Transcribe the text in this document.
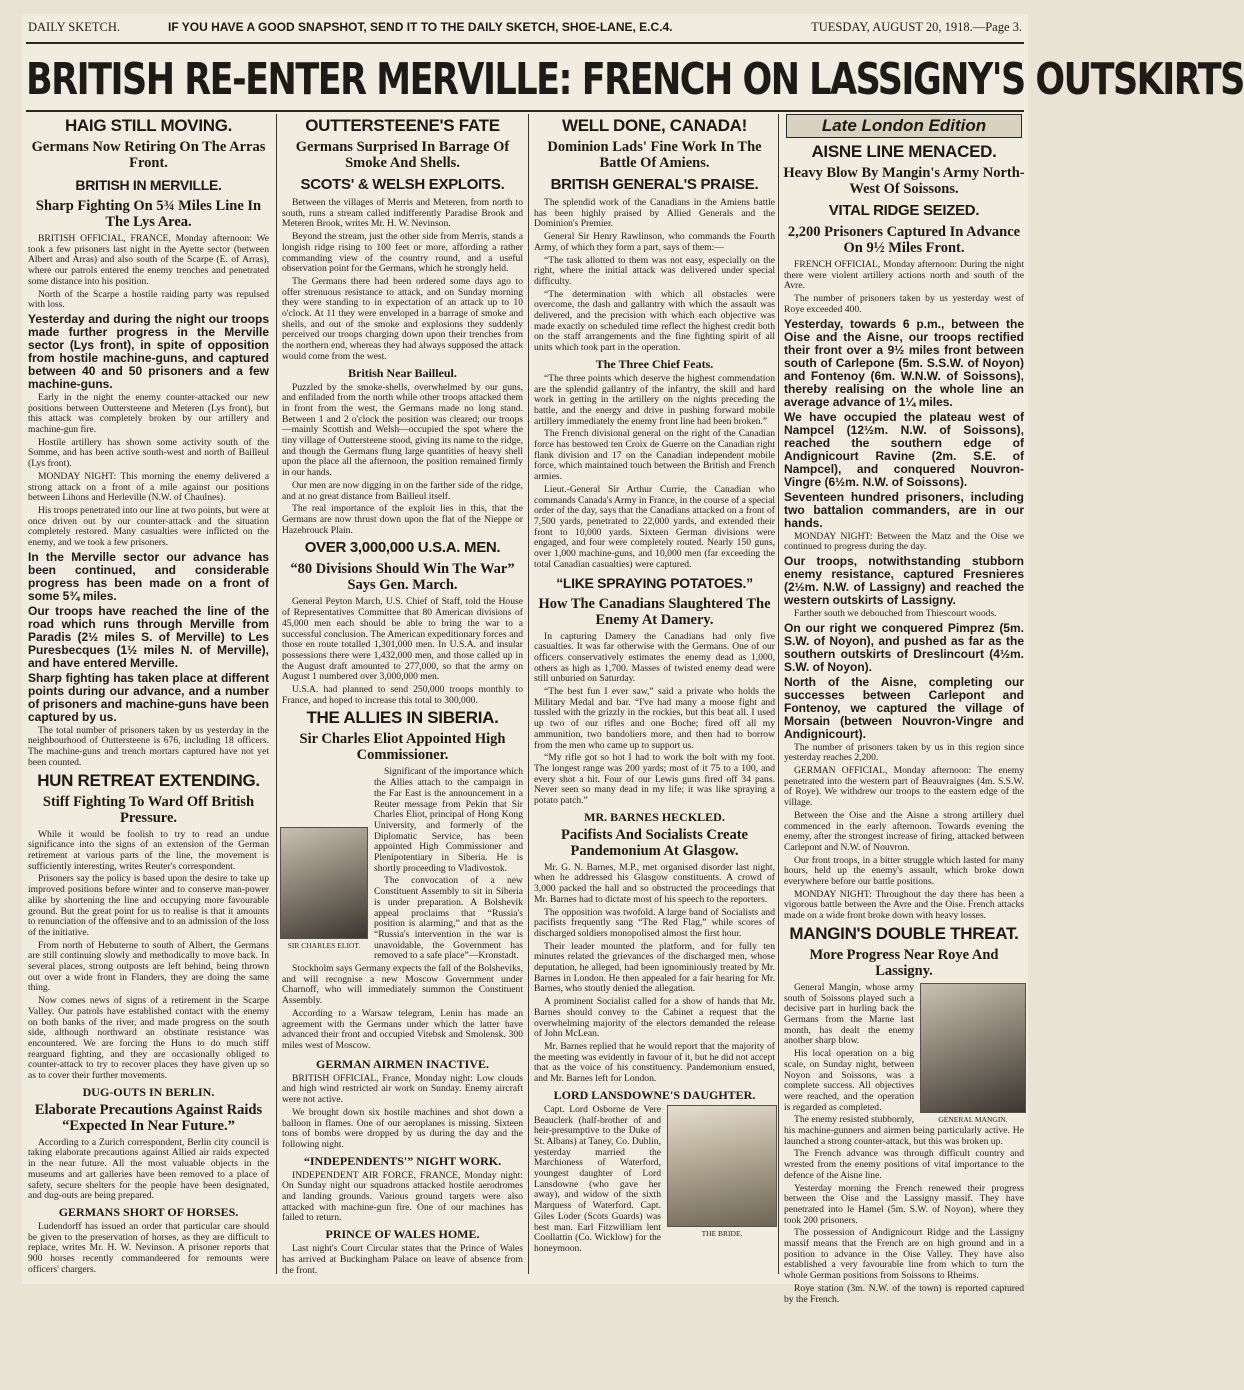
DAILY SKETCH.	IF YOU HAVE A GOOD SNAPSHOT, SEND IT TO THE DAILY SKETCH, SHOE-LANE, E.C.4.	TUESDAY, AUGUST 20, 1918.—Page 3.
BRITISH RE-ENTER MERVILLE: FRENCH ON LASSIGNY'S OUTSKIRTS
HAIG STILL MOVING.
Germans Now Retiring On The Arras Front.
BRITISH IN MERVILLE.
Sharp Fighting On 5¾ Miles Line In The Lys Area.

BRITISH OFFICIAL, FRANCE, Monday afternoon: We took a few prisoners last night in the Ayette sector (between Albert and Arras) and also south of the Scarpe (E. of Arras), where our patrols entered the enemy trenches and penetrated some distance into his position.

North of the Scarpe a hostile raiding party was repulsed with loss.

Yesterday and during the night our troops made further progress in the Merville sector (Lys front), in spite of opposition from hostile machine-guns, and captured between 40 and 50 prisoners and a few machine-guns.

Early in the night the enemy counter-attacked our new positions between Outtersteene and Meteren (Lys front), but this attack was completely broken by our artillery and machine-gun fire.

Hostile artillery has shown some activity south of the Somme, and has been active south-west and north of Bailleul (Lys front).

MONDAY NIGHT: This morning the enemy delivered a strong attack on a front of a mile against our positions between Lihons and Herleville (N.W. of Chaulnes).

His troops penetrated into our line at two points, but were at once driven out by our counter-attack and the situation completely restored. Many casualties were inflicted on the enemy, and we took a few prisoners.

In the Merville sector our advance has been continued, and considerable progress has been made on a front of some 5¾ miles.

Our troops have reached the line of the road which runs through Merville from Paradis (2½ miles S. of Merville) to Les Puresbecques (1½ miles N. of Merville), and have entered Merville.

Sharp fighting has taken place at different points during our advance, and a number of prisoners and machine-guns have been captured by us.

The total number of prisoners taken by us yesterday in the neighbourhood of Outtersteene is 676, including 18 officers. The machine-guns and trench mortars captured have not yet been counted.

HUN RETREAT EXTENDING.
Stiff Fighting To Ward Off British Pressure.

While it would be foolish to try to read an undue significance into the signs of an extension of the German retirement at various parts of the line, the movement is sufficiently interesting, writes Reuter's correspondent.

Prisoners say the policy is based upon the desire to take up improved positions before winter and to conserve man-power alike by shortening the line and occupying more favourable ground. But the great point for us to realise is that it amounts to renunciation of the offensive and to an admission of the loss of the initiative.

From north of Hebuterne to south of Albert, the Germans are still continuing slowly and methodically to move back. In several places, strong outposts are left behind, being thrown out over a wide front in Flanders, they are doing the same thing.

Now comes news of signs of a retirement in the Scarpe Valley. Our patrols have established contact with the enemy on both banks of the river, and made progress on the south side, although northward an obstinate resistance was encountered. We are forcing the Huns to do much stiff rearguard fighting, and they are occasionally obliged to counter-attack to try to recover places they have given up so as to cover their further movements.

DUG-OUTS IN BERLIN.
Elaborate Precautions Against Raids “Expected In Near Future.”

According to a Zurich correspondent, Berlin city council is taking elaborate precautions against Allied air raids expected in the near future. All the most valuable objects in the museums and art galleries have been removed to a place of safety, secure shelters for the people have been designated, and dug-outs are being prepared.

GERMANS SHORT OF HORSES.

Ludendorff has issued an order that particular care should be given to the preservation of horses, as they are difficult to replace, writes Mr. H. W. Nevinson. A prisoner reports that 900 horses recently commandeered for remounts were officers' chargers.

OUTTERSTEENE'S FATE
Germans Surprised In Barrage Of Smoke And Shells.
SCOTS' & WELSH EXPLOITS.

Between the villages of Merris and Meteren, from north to south, runs a stream called indifferently Paradise Brook and Meteren Brook, writes Mr. H. W. Nevinson.

Beyond the stream, just the other side from Merris, stands a longish ridge rising to 100 feet or more, affording a rather commanding view of the country round, and a useful observation point for the Germans, which he strongly held.

The Germans there had been ordered some days ago to offer strenuous resistance to attack, and on Sunday morning they were standing to in expectation of an attack up to 10 o'clock. At 11 they were enveloped in a barrage of smoke and shells, and out of the smoke and explosions they suddenly perceived our troops charging down upon their trenches from the northern end, whereas they had always supposed the attack would come from the west.

British Near Bailleul.

Puzzled by the smoke-shells, overwhelmed by our guns, and enfiladed from the north while other troops attacked them in front from the west, the Germans made no long stand. Between 1 and 2 o'clock the position was cleared; our troops—mainly Scottish and Welsh—occupied the spot where the tiny village of Outtersteene stood, giving its name to the ridge, and though the Germans flung large quantities of heavy shell upon the place all the afternoon, the position remained firmly in our hands.

Our men are now digging in on the farther side of the ridge, and at no great distance from Bailleul itself.

The real importance of the exploit lies in this, that the Germans are now thrust down upon the flat of the Nieppe or Hazebrouck Plain.

OVER 3,000,000 U.S.A. MEN.
“80 Divisions Should Win The War” Says Gen. March.

General Peyton March, U.S. Chief of Staff, told the House of Representatives Committee that 80 American divisions of 45,000 men each should be able to bring the war to a successful conclusion. The American expeditionary forces and those en route totalled 1,301,000 men. In U.S.A. and insular possessions there were 1,432,000 men, and those called up in the August draft amounted to 277,000, so that the army on August 1 numbered over 3,000,000 men.

U.S.A. had planned to send 250,000 troops monthly to France, and hoped to increase this total to 300,000.

THE ALLIES IN SIBERIA.
Sir Charles Eliot Appointed High Commissioner.
SIR CHARLES ELIOT.

Significant of the importance which the Allies attach to the campaign in the Far East is the announcement in a Reuter message from Pekin that Sir Charles Eliot, principal of Hong Kong University, and formerly of the Diplomatic Service, has been appointed High Commissioner and Plenipotentiary in Siberia. He is shortly proceeding to Vladivostok.

The convocation of a new Constituent Assembly to sit in Siberia is under preparation. A Bolshevik appeal proclaims that “Russia's position is alarming,” and that as the “Russia's intervention in the war is unavoidable, the Government has removed to a safe place”—Kronstadt.

Stockholm says Germany expects the fall of the Bolsheviks, and will recognise a new Moscow Government under Charnoff, who will immediately summon the Constituent Assembly.

According to a Warsaw telegram, Lenin has made an agreement with the Germans under which the latter have advanced their front and occupied Vitebsk and Smolensk. 300 miles west of Moscow.

GERMAN AIRMEN INACTIVE.

BRITISH OFFICIAL, France, Monday night: Low clouds and high wind restricted air work on Sunday. Enemy aircraft were not active.

We brought down six hostile machines and shot down a balloon in flames. One of our aeroplanes is missing. Sixteen tons of bombs were dropped by us during the day and the following night.

“INDEPENDENTS'” NIGHT WORK.

INDEPENDENT AIR FORCE, FRANCE, Monday night: On Sunday night our squadrons attacked hostile aerodromes and landing grounds. Various ground targets were also attacked with machine-gun fire. One of our machines has failed to return.

PRINCE OF WALES HOME.

Last night's Court Circular states that the Prince of Wales has arrived at Buckingham Palace on leave of absence from the front.

WELL DONE, CANADA!
Dominion Lads' Fine Work In The Battle Of Amiens.
BRITISH GENERAL'S PRAISE.

The splendid work of the Canadians in the Amiens battle has been highly praised by Allied Generals and the Dominion's Premier.

General Sir Henry Rawlinson, who commands the Fourth Army, of which they form a part, says of them:—

“The task allotted to them was not easy, especially on the right, where the initial attack was delivered under special difficulty.

“The determination with which all obstacles were overcome, the dash and gallantry with which the assault was delivered, and the precision with which each objective was made exactly on scheduled time reflect the highest credit both on the staff arrangements and the fine fighting spirit of all units which took part in the operation.

The Three Chief Feats.

“The three points which deserve the highest commendation are the splendid gallantry of the infantry, the skill and hard work in getting in the artillery on the nights preceding the battle, and the energy and drive in pushing forward mobile artillery immediately the enemy front line had been broken.”

The French divisional general on the right of the Canadian force has bestowed ten Croix de Guerre on the Canadian right flank division and 17 on the Canadian independent mobile force, which maintained touch between the British and French armies.

Lieut.-General Sir Arthur Currie, the Canadian who commands Canada's Army in France, in the course of a special order of the day, says that the Canadians attacked on a front of 7,500 yards, penetrated to 22,000 yards, and extended their front to 10,000 yards. Sixteen German divisions were engaged, and four were completely routed. Nearly 150 guns, over 1,000 machine-guns, and 10,000 men (far exceeding the total Canadian casualties) were captured.

“LIKE SPRAYING POTATOES.”
How The Canadians Slaughtered The Enemy At Damery.

In capturing Damery the Canadians had only five casualties. It was far otherwise with the Germans. One of our officers conservatively estimates the enemy dead as 1,000, others as high as 1,700. Masses of twisted enemy dead were still unburied on Saturday.

“The best fun I ever saw,” said a private who holds the Military Medal and bar. “I've had many a moose fight and tussled with the grizzly in the rockies, but this beat all. I used up two of our rifles and one Boche; fired off all my ammunition, two bandoliers more, and then had to borrow from the men who came up to support us.

“My rifle got so hot I had to work the bolt with my foot. The longest range was 200 yards; most of it 75 to a 100, and every shot a hit. Four of our Lewis guns fired off 34 pans. Never seen so many dead in my life; it was like spraying a potato patch.”

MR. BARNES HECKLED.
Pacifists And Socialists Create Pandemonium At Glasgow.

Mr. G. N. Barnes, M.P., met organised disorder last night, when he addressed his Glasgow constituents. A crowd of 3,000 packed the hall and so obstructed the proceedings that Mr. Barnes had to dictate most of his speech to the reporters.

The opposition was twofold. A large band of Socialists and pacifists frequently sang “The Red Flag,” while scores of discharged soldiers monopolised almost the first hour.

Their leader mounted the platform, and for fully ten minutes related the grievances of the discharged men, whose deputation, he alleged, had been ignominiously treated by Mr. Barnes in London. He then appealed for a fair hearing for Mr. Barnes, who stoutly denied the allegation.

A prominent Socialist called for a show of hands that Mr. Barnes should convey to the Cabinet a request that the overwhelming majority of the electors demanded the release of John McLean.

Mr. Barnes replied that he would report that the majority of the meeting was evidently in favour of it, but he did not accept that as the voice of his constituency. Pandemonium ensued, and Mr. Barnes left for London.

LORD LANSDOWNE'S DAUGHTER.
THE BRIDE.

Capt. Lord Osborne de Vere Beauclerk (half-brother of and heir-presumptive to the Duke of St. Albans) at Taney, Co. Dublin, yesterday married the Marchioness of Waterford, youngest daughter of Lord Lansdowne (who gave her away), and widow of the sixth Marquess of Waterford. Capt. Giles Loder (Scots Guards) was best man. Earl Fitzwilliam lent Coollattin (Co. Wicklow) for the honeymoon.

Late London Edition
AISNE LINE MENACED.
Heavy Blow By Mangin's Army North-West Of Soissons.
VITAL RIDGE SEIZED.
2,200 Prisoners Captured In Advance On 9½ Miles Front.

FRENCH OFFICIAL, Monday afternoon: During the night there were violent artillery actions north and south of the Avre.

The number of prisoners taken by us yesterday west of Roye exceeded 400.

Yesterday, towards 6 p.m., between the Oise and the Aisne, our troops rectified their front over a 9½ miles front between south of Carlepone (5m. S.S.W. of Noyon) and Fontenoy (6m. W.N.W. of Soissons), thereby realising on the whole line an average advance of 1¼ miles.

We have occupied the plateau west of Nampcel (12½m. N.W. of Soissons), reached the southern edge of Andignicourt Ravine (2m. S.E. of Nampcel), and conquered Nouvron-Vingre (6½m. N.W. of Soissons).

Seventeen hundred prisoners, including two battalion commanders, are in our hands.

MONDAY NIGHT: Between the Matz and the Oise we continued to progress during the day.

Our troops, notwithstanding stubborn enemy resistance, captured Fresnieres (2½m. N.W. of Lassigny) and reached the western outskirts of Lassigny.

Farther south we debouched from Thiescourt woods.

On our right we conquered Pimprez (5m. S.W. of Noyon), and pushed as far as the southern outskirts of Dreslincourt (4½m. S.W. of Noyon).

North of the Aisne, completing our successes between Carlepont and Fontenoy, we captured the village of Morsain (between Nouvron-Vingre and Andignicourt).

The number of prisoners taken by us in this region since yesterday reaches 2,200.

GERMAN OFFICIAL, Monday afternoon: The enemy penetrated into the western part of Beauvraignes (4m. S.S.W. of Roye). We withdrew our troops to the eastern edge of the village.

Between the Oise and the Aisne a strong artillery duel commenced in the early afternoon. Towards evening the enemy, after the strongest increase of firing, attacked between Carlepont and N.W. of Nouvron.

Our front troops, in a bitter struggle which lasted for many hours, held up the enemy's assault, which broke down everywhere before our battle positions.

MONDAY NIGHT: Throughout the day there has been a vigorous battle between the Avre and the Oise. French attacks made on a wide front broke down with heavy losses.

MANGIN'S DOUBLE THREAT.
More Progress Near Roye And Lassigny.
GENERAL MANGIN.

General Mangin, whose army south of Soissons played such a decisive part in hurling back the Germans from the Marne last month, has dealt the enemy another sharp blow.

His local operation on a big scale, on Sunday night, between Noyon and Soissons, was a complete success. All objectives were reached, and the operation is regarded as completed.

The enemy resisted stubbornly, his machine-gunners and airmen being particularly active. He launched a strong counter-attack, but this was broken up.

The French advance was through difficult country and wrested from the enemy positions of vital importance to the defence of the Aisne line.

Yesterday morning the French renewed their progress between the Oise and the Lassigny massif. They have penetrated into le Hamel (5m. S.W. of Noyon), where they took 200 prisoners.

The possession of Andignicourt Ridge and the Lassigny massif means that the French are on high ground and in a position to advance in the Oise Valley. They have also established a very favourable line from which to turn the whole German positions from Soissons to Rheims.

Roye station (3m. N.W. of the town) is reported captured by the French.
